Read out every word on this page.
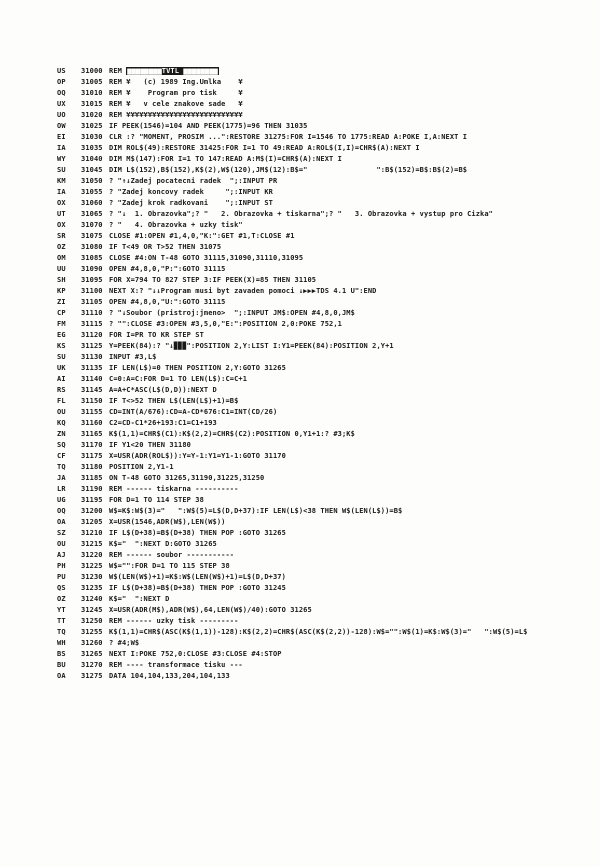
US	31000 REM ▆▆▆▆▆▆▆▆TVTL ▆▆▆▆▆▆▆▆
OP	31005 REM ¥   (c) 1989 Ing.Umlka    ¥
OQ	31010 REM ¥    Program pro tisk     ¥
UX	31015 REM ¥   v cele znakove sade   ¥
UO	31020 REM ¥¥¥¥¥¥¥¥¥¥¥¥¥¥¥¥¥¥¥¥¥¥¥¥¥¥¥
OW	31025 IF PEEK(1546)=104 AND PEEK(1775)=96 THEN 31035
EI	31030 CLR :? "MOMENT, PROSIM ...":RESTORE 31275:FOR I=1546 TO 1775:READ A:POKE I,A:NEXT I
IA	31035 DIM ROL$(49):RESTORE 31425:FOR I=1 TO 49:READ A:ROL$(I,I)=CHR$(A):NEXT I
WY	31040 DIM M$(147):FOR I=1 TO 147:READ A:M$(I)=CHR$(A):NEXT I
SU	31045 DIM L$(152),B$(152),K$(2),W$(120),JM$(12):B$="                ":B$(152)=B$:B$(2)=B$
KM	31050 ? "↑↓Zadej pocatecni radek  ";:INPUT PR
IA	31055 ? "Zadej koncovy radek     ";:INPUT KR
OX	31060 ? "Zadej krok radkovani    ";:INPUT ST
UT	31065 ? "↓  1. Obrazovka";? "   2. Obrazovka + tiskarna";? "   3. Obrazovka + vystup pro Cizka"
OX	31070 ? "   4. Obrazovka + uzky tisk"
SR	31075 CLOSE #1:OPEN #1,4,0,"K:":GET #1,T:CLOSE #1
OZ	31080 IF T<49 OR T>52 THEN 31075
OM	31085 CLOSE #4:ON T-48 GOTO 31115,31090,31110,31095
UU	31090 OPEN #4,8,0,"P:":GOTO 31115
SH	31095 FOR X=794 TO 827 STEP 3:IF PEEK(X)=85 THEN 31105
KP	31100 NEXT X:? "↓↓Program musi byt zavaden pomoci ↓▶▶▶TDS 4.1 U":END
ZI	31105 OPEN #4,8,0,"U:":GOTO 31115
CP	31110 ? "↓Soubor (pristroj:jmeno>  ";:INPUT JM$:OPEN #4,8,0,JM$
FM	31115 ? "":CLOSE #3:OPEN #3,5,0,"E:":POSITION 2,0:POKE 752,1
EG	31120 FOR I=PR TO KR STEP ST
KS	31125 Y=PEEK(84):? "↓▉▉▉":POSITION 2,Y:LIST I:Y1=PEEK(84):POSITION 2,Y+1
SU	31130 INPUT #3,L$
UK	31135 IF LEN(L$)=0 THEN POSITION 2,Y:GOTO 31265
AI	31140 C=0:A=C:FOR D=1 TO LEN(L$):C=C+1
RS	31145 A=A+C*ASC(L$(D,D)):NEXT D
FL	31150 IF T<>52 THEN L$(LEN(L$)+1)=B$
OU	31155 CD=INT(A/676):CD=A-CD*676:C1=INT(CD/26)
KQ	31160 C2=CD-C1*26+193:C1=C1+193
ZN	31165 K$(1,1)=CHR$(C1):K$(2,2)=CHR$(C2):POSITION 0,Y1+1:? #3;K$
SQ	31170 IF Y1<20 THEN 31180
CF	31175 X=USR(ADR(ROL$)):Y=Y-1:Y1=Y1-1:GOTO 31170
TQ	31180 POSITION 2,Y1-1
JA	31185 ON T-48 GOTO 31265,31190,31225,31250
LR	31190 REM ------ tiskarna ----------
UG	31195 FOR D=1 TO 114 STEP 38
OQ	31200 W$=K$:W$(3)="   ":W$(5)=L$(D,D+37):IF LEN(L$)<38 THEN W$(LEN(L$))=B$
OA	31205 X=USR(1546,ADR(W$),LEN(W$))
SZ	31210 IF L$(D+38)=B$(D+38) THEN POP :GOTO 31265
OU	31215 K$="  ":NEXT D:GOTO 31265
AJ	31220 REM ------ soubor -----------
PH	31225 W$="":FOR D=1 TO 115 STEP 38
PU	31230 W$(LEN(W$)+1)=K$:W$(LEN(W$)+1)=L$(D,D+37)
QS	31235 IF L$(D+38)=B$(D+38) THEN POP :GOTO 31245
OZ	31240 K$="  ":NEXT D
YT	31245 X=USR(ADR(M$),ADR(W$),64,LEN(W$)/40):GOTO 31265
TT	31250 REM ------ uzky tisk ---------
TQ	31255 K$(1,1)=CHR$(ASC(K$(1,1))-128):K$(2,2)=CHR$(ASC(K$(2,2))-128):W$="":W$(1)=K$:W$(3)="   ":W$(5)=L$
WH	31260 ? #4;W$
BS	31265 NEXT I:POKE 752,0:CLOSE #3:CLOSE #4:STOP
BU	31270 REM ---- transformace tisku ---
OA	31275 DATA 104,104,133,204,104,133
